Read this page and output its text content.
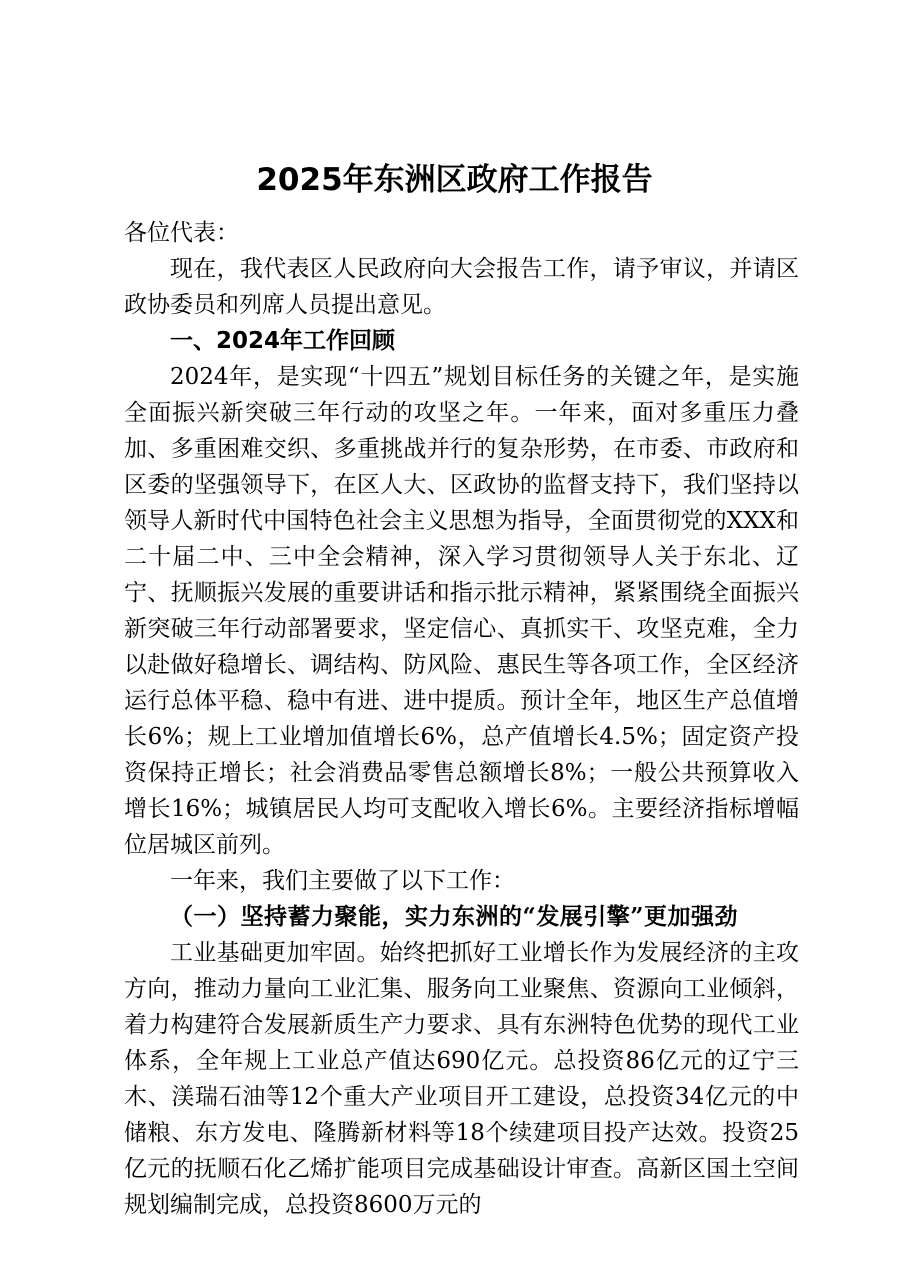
2025年东洲区政府工作报告

各位代表：

现在，我代表区人民政府向大会报告工作，请予审议，并请区政协委员和列席人员提出意见。

一、2024年工作回顾

2024年，是实现“十四五”规划目标任务的关键之年，是实施全面振兴新突破三年行动的攻坚之年。一年来，面对多重压力叠加、多重困难交织、多重挑战并行的复杂形势，在市委、市政府和区委的坚强领导下，在区人大、区政协的监督支持下，我们坚持以领导人新时代中国特色社会主义思想为指导，全面贯彻党的XXX和二十届二中、三中全会精神，深入学习贯彻领导人关于东北、辽宁、抚顺振兴发展的重要讲话和指示批示精神，紧紧围绕全面振兴新突破三年行动部署要求，坚定信心、真抓实干、攻坚克难，全力以赴做好稳增长、调结构、防风险、惠民生等各项工作，全区经济运行总体平稳、稳中有进、进中提质。预计全年，地区生产总值增长6%；规上工业增加值增长6%，总产值增长4.5%；固定资产投资保持正增长；社会消费品零售总额增长8%；一般公共预算收入增长16%；城镇居民人均可支配收入增长6%。主要经济指标增幅位居城区前列。

一年来，我们主要做了以下工作：

（一）坚持蓄力聚能，实力东洲的“发展引擎”更加强劲

工业基础更加牢固。始终把抓好工业增长作为发展经济的主攻方向，推动力量向工业汇集、服务向工业聚焦、资源向工业倾斜，着力构建符合发展新质生产力要求、具有东洲特色优势的现代工业体系，全年规上工业总产值达690亿元。总投资86亿元的辽宁三木、渼瑞石油等12个重大产业项目开工建设，总投资34亿元的中储粮、东方发电、隆腾新材料等18个续建项目投产达效。投资25亿元的抚顺石化乙烯扩能项目完成基础设计审查。高新区国土空间规划编制完成，总投资8600万元的
